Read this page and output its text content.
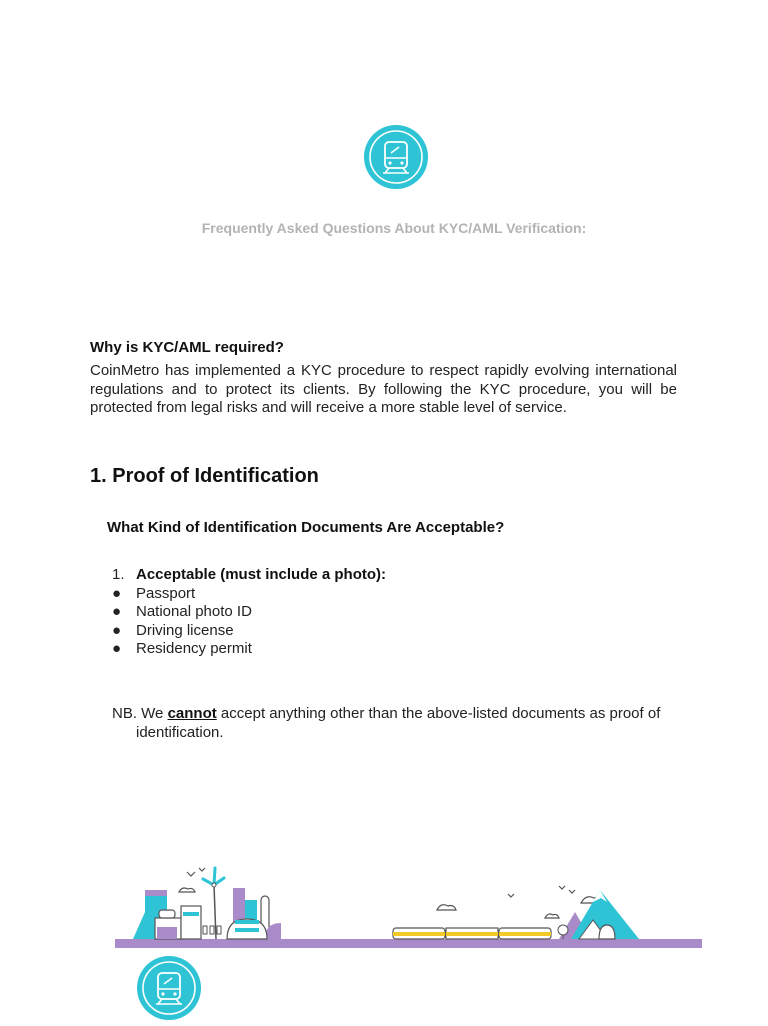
Frequently Asked Questions About KYC/AML Verification:
Why is KYC/AML required?
CoinMetro has implemented a KYC procedure to respect rapidly evolving international regulations and to protect its clients. By following the KYC procedure, you will be protected from legal risks and will receive a more stable level of service.
1. Proof of Identification
What Kind of Identification Documents Are Acceptable?
1. Acceptable (must include a photo):
● Passport
● National photo ID
● Driving license
● Residency permit
NB. We cannot accept anything other than the above-listed documents as proof of identification.
